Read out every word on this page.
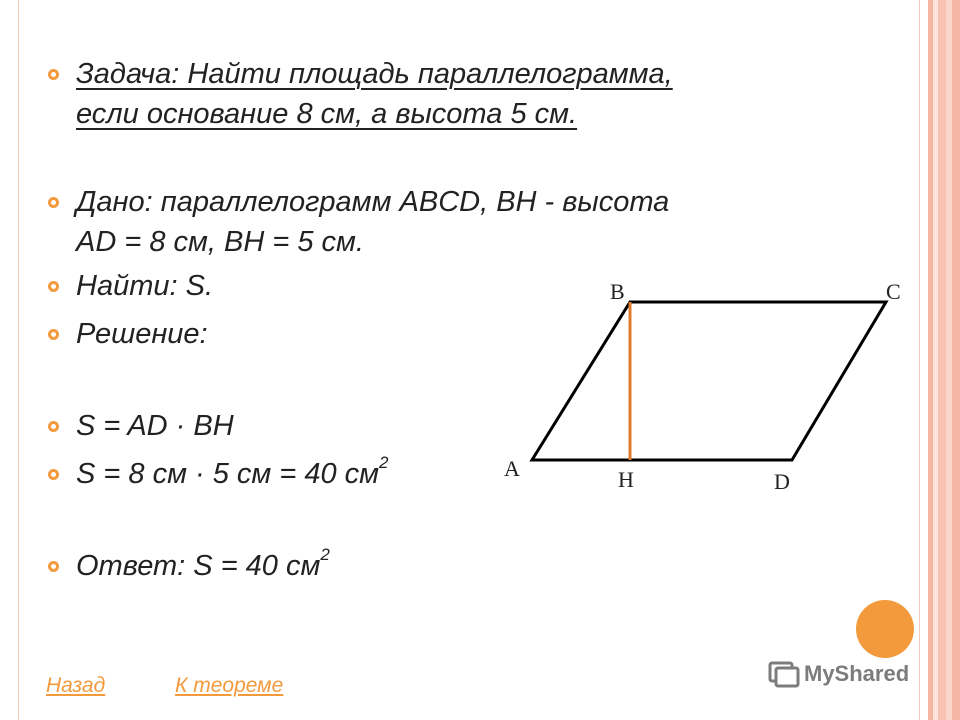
Задача: Найти площадь параллелограмма,
если основание 8 см, а высота 5 см.
Дано: параллелограмм ABCD, BH - высота
AD = 8 см, BH = 5 см.
Найти: S.
Решение:
S = AD · BH
S = 8 см · 5 см = 40 $см^2$
Ответ: S = 40 $см^2$
B	C
A	H	D
Назад	К теореме	MyShared
